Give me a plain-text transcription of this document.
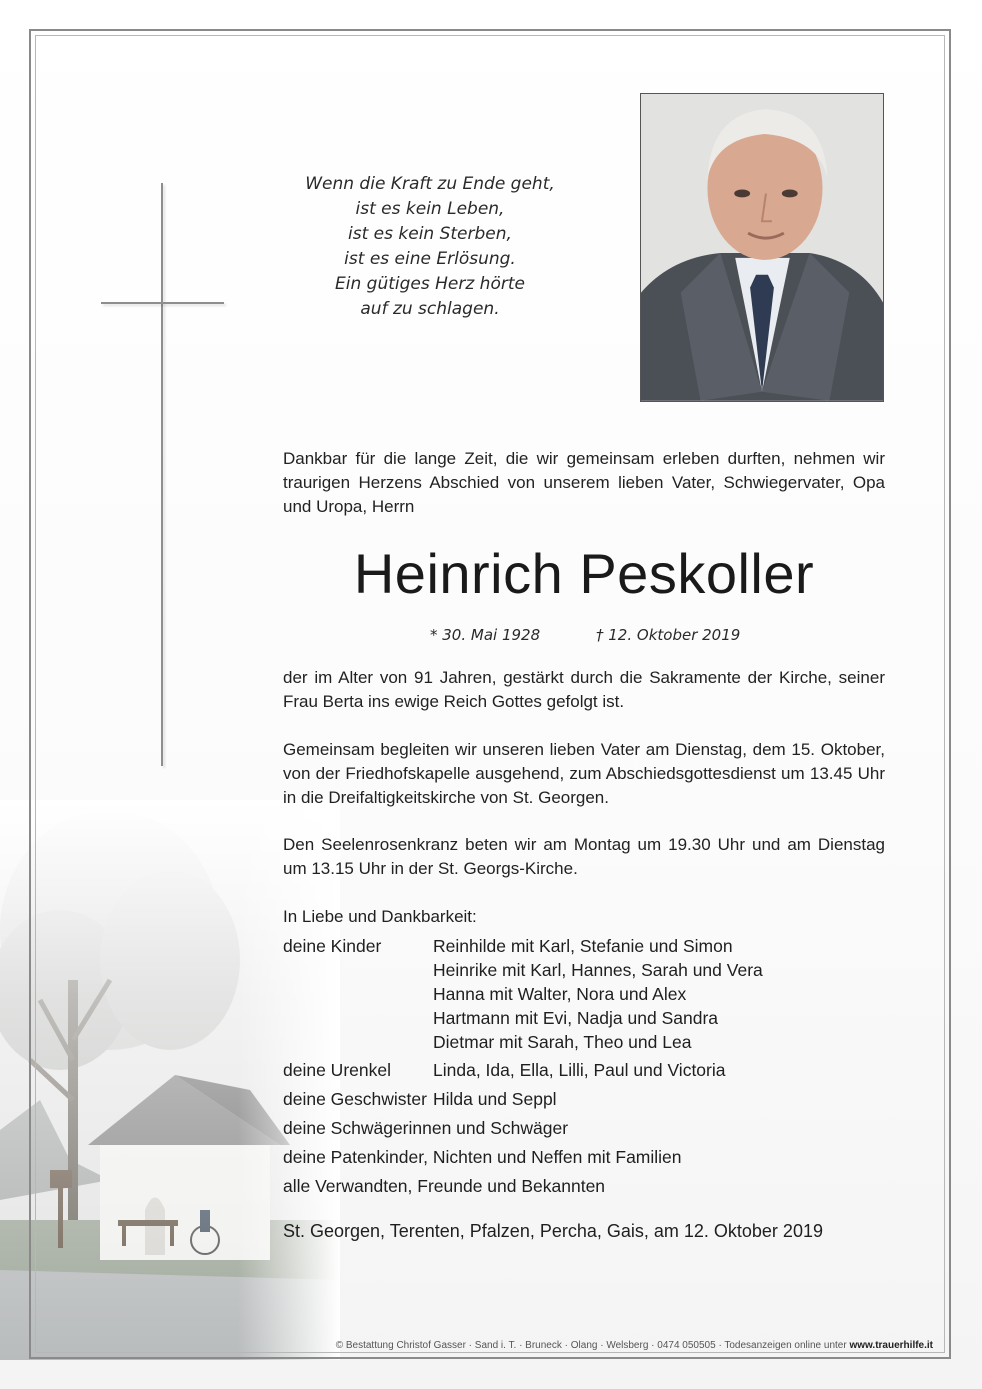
Wenn die Kraft zu Ende geht,
ist es kein Leben,
ist es kein Sterben,
ist es eine Erlösung.
Ein gütiges Herz hörte
auf zu schlagen.
Dankbar für die lange Zeit, die wir gemeinsam erleben durften, nehmen wir traurigen Herzens Abschied von unserem lieben Vater, Schwiegervater, Opa und Uropa, Herrn
Heinrich Peskoller
* 30. Mai 1928	† 12. Oktober 2019
der im Alter von 91 Jahren, gestärkt durch die Sakramente der Kirche, seiner Frau Berta ins ewige Reich Gottes gefolgt ist.
Gemeinsam begleiten wir unseren lieben Vater am Dienstag, dem 15. Oktober, von der Friedhofskapelle ausgehend, zum Abschiedsgottesdienst um 13.45 Uhr in die Dreifaltigkeitskirche von St. Georgen.
Den Seelenrosenkranz beten wir am Montag um 19.30 Uhr und am Dienstag um 13.15 Uhr in der St. Georgs-Kirche.
In Liebe und Dankbarkeit:
deine Kinder	Reinhilde mit Karl, Stefanie und Simon
Heinrike mit Karl, Hannes, Sarah und Vera
Hanna mit Walter, Nora und Alex
Hartmann mit Evi, Nadja und Sandra
Dietmar mit Sarah, Theo und Lea
deine Urenkel Linda, Ida, Ella, Lilli, Paul und Victoria
deine Geschwister Hilda und Seppl
deine Schwägerinnen und Schwäger
deine Patenkinder, Nichten und Neffen mit Familien
alle Verwandten, Freunde und Bekannten
St. Georgen, Terenten, Pfalzen, Percha, Gais, am 12. Oktober 2019
© Bestattung Christof Gasser · Sand i. T. · Bruneck · Olang · Welsberg · 0474 050505 · Todesanzeigen online unter www.trauerhilfe.it
